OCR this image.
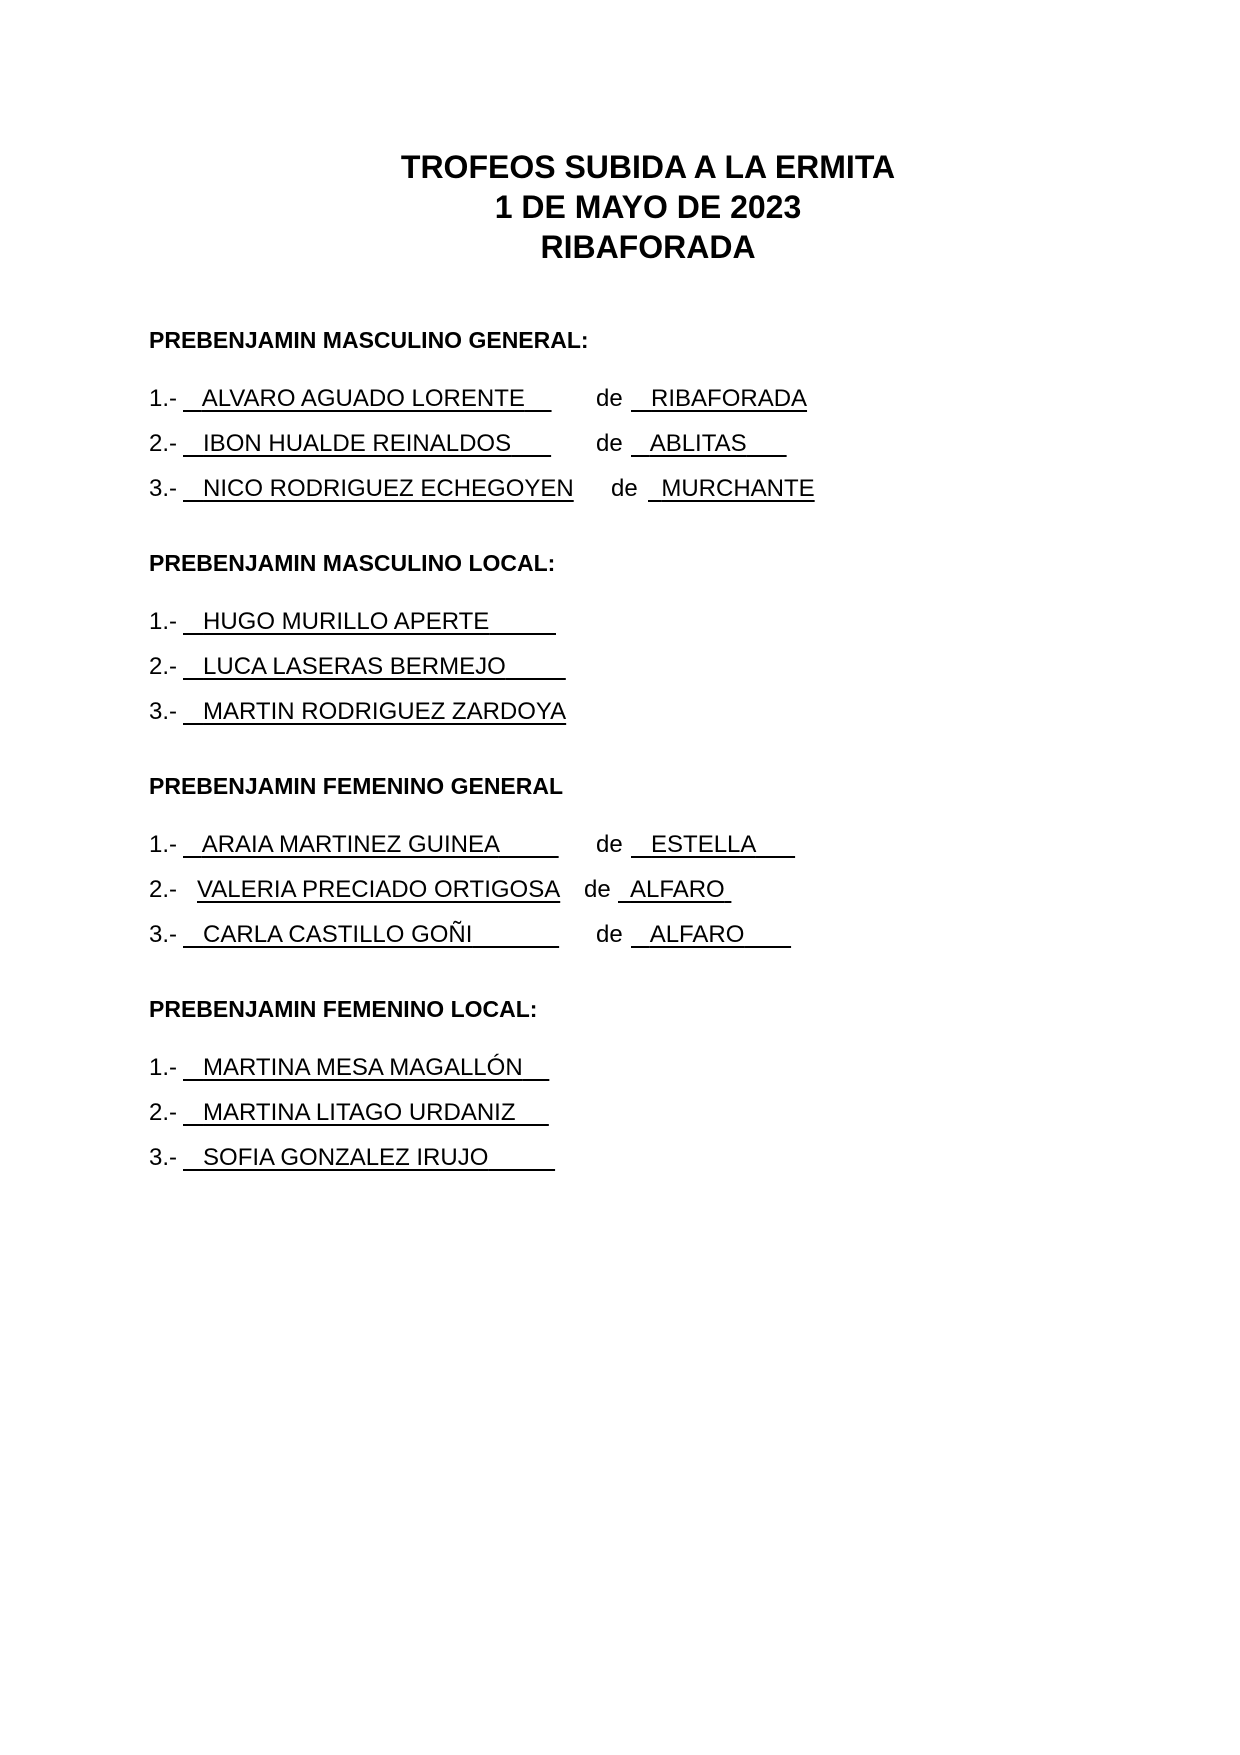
TROFEOS SUBIDA A LA ERMITA
1 DE MAYO DE 2023
RIBAFORADA
PREBENJAMIN MASCULINO GENERAL:
1.-	ALVARO AGUADO LORENTE	de	RIBAFORADA
2.-	IBON HUALDE REINALDOS	de	ABLITAS
3.-	NICO RODRIGUEZ ECHEGOYEN de MURCHANTE
PREBENJAMIN MASCULINO LOCAL:
1.-	HUGO MURILLO APERTE
2.-	LUCA LASERAS BERMEJO
3.-	MARTIN RODRIGUEZ ZARDOYA
PREBENJAMIN FEMENINO GENERAL
1.-	ARAIA MARTINEZ GUINEA	de	ESTELLA
2.- VALERIA PRECIADO ORTIGOSA de ALFARO
3.-	CARLA CASTILLO GOÑI	de	ALFARO
PREBENJAMIN FEMENINO LOCAL:
1.-	MARTINA MESA MAGALLÓN
2.-	MARTINA LITAGO URDANIZ
3.-	SOFIA GONZALEZ IRUJO
